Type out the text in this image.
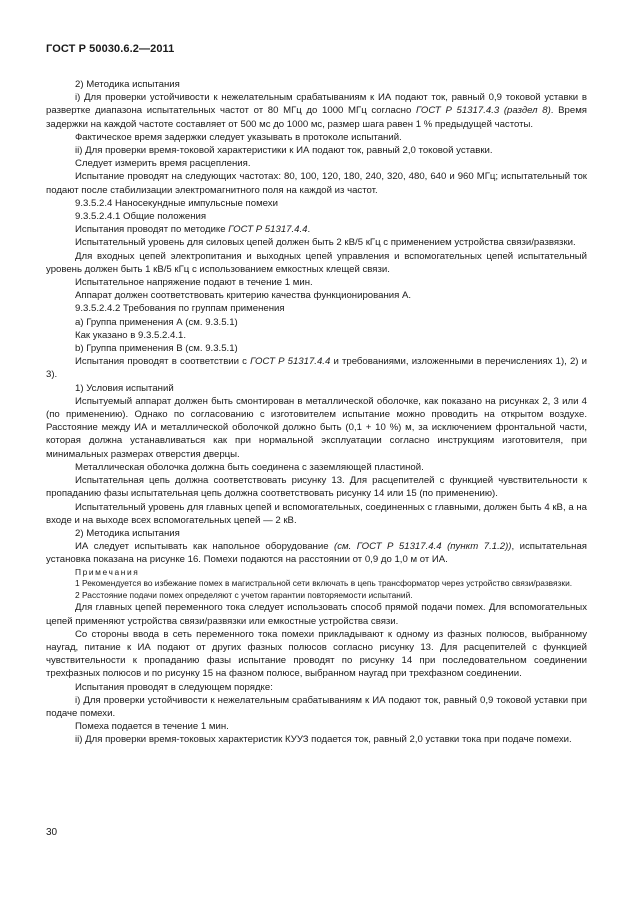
ГОСТ Р 50030.6.2—2011

2) Методика испытания

i) Для проверки устойчивости к нежелательным срабатываниям к ИА подают ток, равный 0,9 токовой уставки в развертке диапазона испытательных частот от 80 МГц до 1000 МГц согласно ГОСТ Р 51317.4.3 (раздел 8). Время задержки на каждой частоте составляет от 500 мс до 1000 мс, размер шага равен 1 % предыдущей частоты.

Фактическое время задержки следует указывать в протоколе испытаний.

ii) Для проверки время-токовой характеристики к ИА подают ток, равный 2,0 токовой уставки.

Следует измерить время расцепления.

Испытание проводят на следующих частотах: 80, 100, 120, 180, 240, 320, 480, 640 и 960 МГц; испытательный ток подают после стабилизации электромагнитного поля на каждой из частот.

9.3.5.2.4 Наносекундные импульсные помехи

9.3.5.2.4.1 Общие положения

Испытания проводят по методике ГОСТ Р 51317.4.4.

Испытательный уровень для силовых цепей должен быть 2 кВ/5 кГц с применением устройства связи/развязки.

Для входных цепей электропитания и выходных цепей управления и вспомогательных цепей испытательный уровень должен быть 1 кВ/5 кГц с использованием емкостных клещей связи.

Испытательное напряжение подают в течение 1 мин.

Аппарат должен соответствовать критерию качества функционирования А.

9.3.5.2.4.2 Требования по группам применения

а) Группа применения А (см. 9.3.5.1)

Как указано в 9.3.5.2.4.1.

b) Группа применения В (см. 9.3.5.1)

Испытания проводят в соответствии с ГОСТ Р 51317.4.4 и требованиями, изложенными в перечислениях 1), 2) и 3).

1) Условия испытаний

Испытуемый аппарат должен быть смонтирован в металлической оболочке, как показано на рисунках 2, 3 или 4 (по применению). Однако по согласованию с изготовителем испытание можно проводить на открытом воздухе. Расстояние между ИА и металлической оболочкой должно быть (0,1 + 10 %) м, за исключением фронтальной части, которая должна устанавливаться как при нормальной эксплуатации согласно инструкциям изготовителя, при минимальных размерах отверстия дверцы.

Металлическая оболочка должна быть соединена с заземляющей пластиной.

Испытательная цепь должна соответствовать рисунку 13. Для расцепителей с функцией чувствительности к пропаданию фазы испытательная цепь должна соответствовать рисунку 14 или 15 (по применению).

Испытательный уровень для главных цепей и вспомогательных, соединенных с главными, должен быть 4 кВ, а на входе и на выходе всех вспомогательных цепей — 2 кВ.

2) Методика испытания

ИА следует испытывать как напольное оборудование (см. ГОСТ Р 51317.4.4 (пункт 7.1.2)), испытательная установка показана на рисунке 16. Помехи подаются на расстоянии от 0,9 до 1,0 м от ИА.

Примечания

1 Рекомендуется во избежание помех в магистральной сети включать в цепь трансформатор через устройство связи/развязки.

2 Расстояние подачи помех определяют с учетом гарантии повторяемости испытаний.

Для главных цепей переменного тока следует использовать способ прямой подачи помех. Для вспомогательных цепей применяют устройства связи/развязки или емкостные устройства связи.

Со стороны ввода в сеть переменного тока помехи прикладывают к одному из фазных полюсов, выбранному наугад, питание к ИА подают от других фазных полюсов согласно рисунку 13. Для расцепителей с функцией чувствительности к пропаданию фазы испытание проводят по рисунку 14 при последовательном соединении трехфазных полюсов и по рисунку 15 на фазном полюсе, выбранном наугад при трехфазном соединении.

Испытания проводят в следующем порядке:

i) Для проверки устойчивости к нежелательным срабатываниям к ИА подают ток, равный 0,9 токовой уставки при подаче помехи.

Помеха подается в течение 1 мин.

ii) Для проверки время-токовых характеристик КУУЗ подается ток, равный 2,0 уставки тока при подаче помехи.

30
